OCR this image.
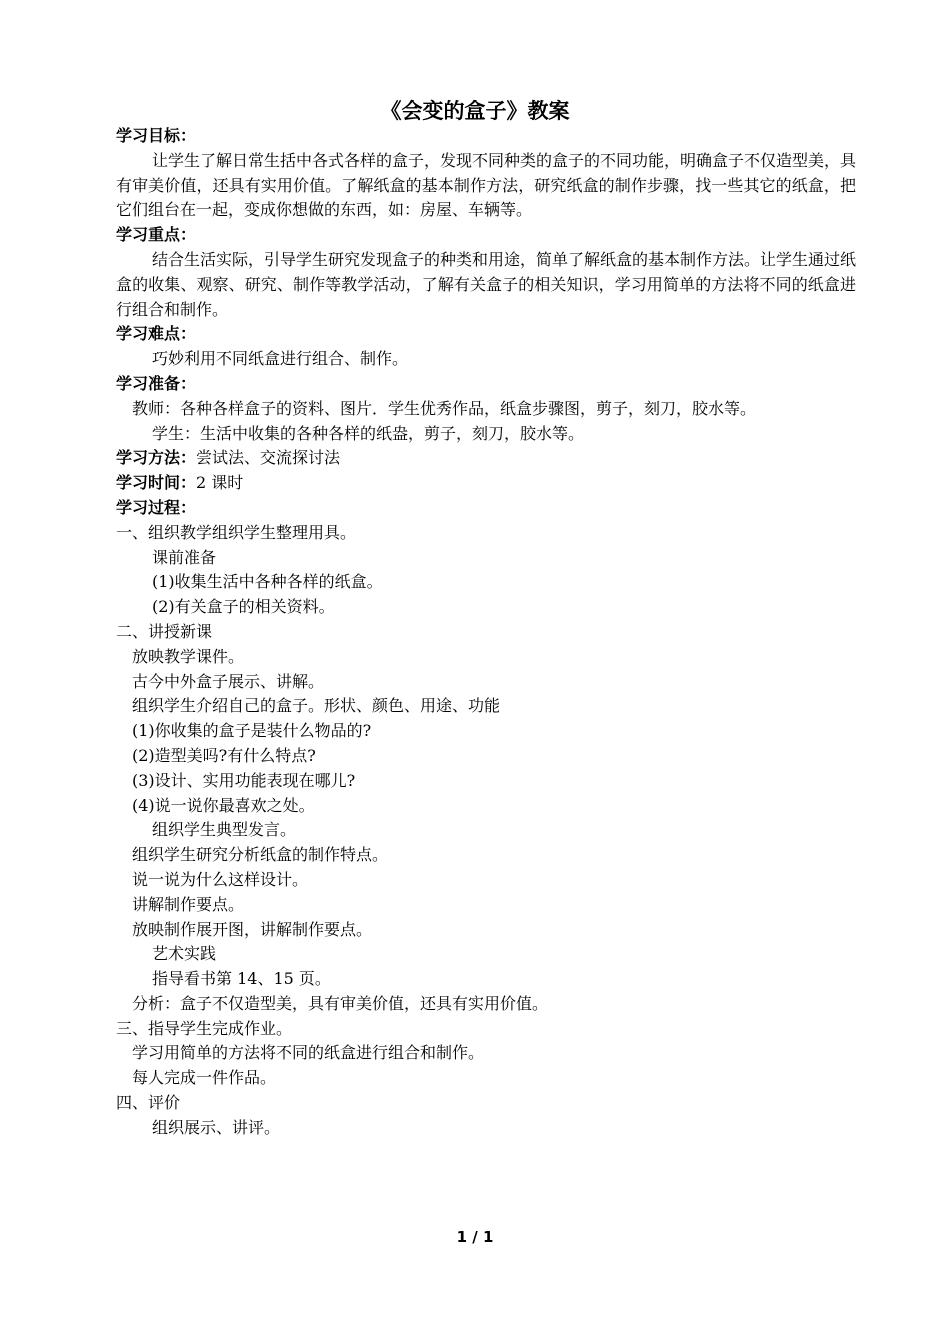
《会变的盒子》教案
学习目标：
让学生了解日常生括中各式各样的盒子，发现不同种类的盒子的不同功能，明确盒子不仅造型美，具有审美价值，还具有实用价值。了解纸盒的基本制作方法，研究纸盒的制作步骤，找一些其它的纸盒，把它们组台在一起，变成你想做的东西，如：房屋、车辆等。
学习重点：
结合生活实际，引导学生研究发现盒子的种类和用途，简单了解纸盒的基本制作方法。让学生通过纸盒的收集、观察、研究、制作等教学活动，了解有关盒子的相关知识，学习用简单的方法将不同的纸盒进行组合和制作。
学习难点：
巧妙利用不同纸盒进行组合、制作。
学习准备：
教师：各种各样盒子的资料、图片．学生优秀作品，纸盒步骤图，剪子，刻刀，胶水等。
学生：生活中收集的各种各样的纸盎，剪子，刻刀，胶水等。
学习方法：尝试法、交流探讨法
学习时间：2 课时
学习过程：
一、组织教学组织学生整理用具。
课前准备
(1)收集生活中各种各样的纸盒。
(2)有关盒子的相关资料。
二、讲授新课
放映教学课件。
古今中外盒子展示、讲解。
组织学生介绍自己的盒子。形状、颜色、用途、功能
(1)你收集的盒子是装什么物品的?
(2)造型美吗?有什么特点?
(3)设计、实用功能表现在哪儿?
(4)说一说你最喜欢之处。
组织学生典型发言。
组织学生研究分析纸盒的制作特点。
说一说为什么这样设计。
讲解制作要点。
放映制作展开图，讲解制作要点。
艺术实践
指导看书第 14、15 页。
分析：盒子不仅造型美，具有审美价值，还具有实用价值。
三、指导学生完成作业。
学习用简单的方法将不同的纸盒进行组合和制作。
每人完成一件作品。
四、评价
组织展示、讲评。
1 / 1
